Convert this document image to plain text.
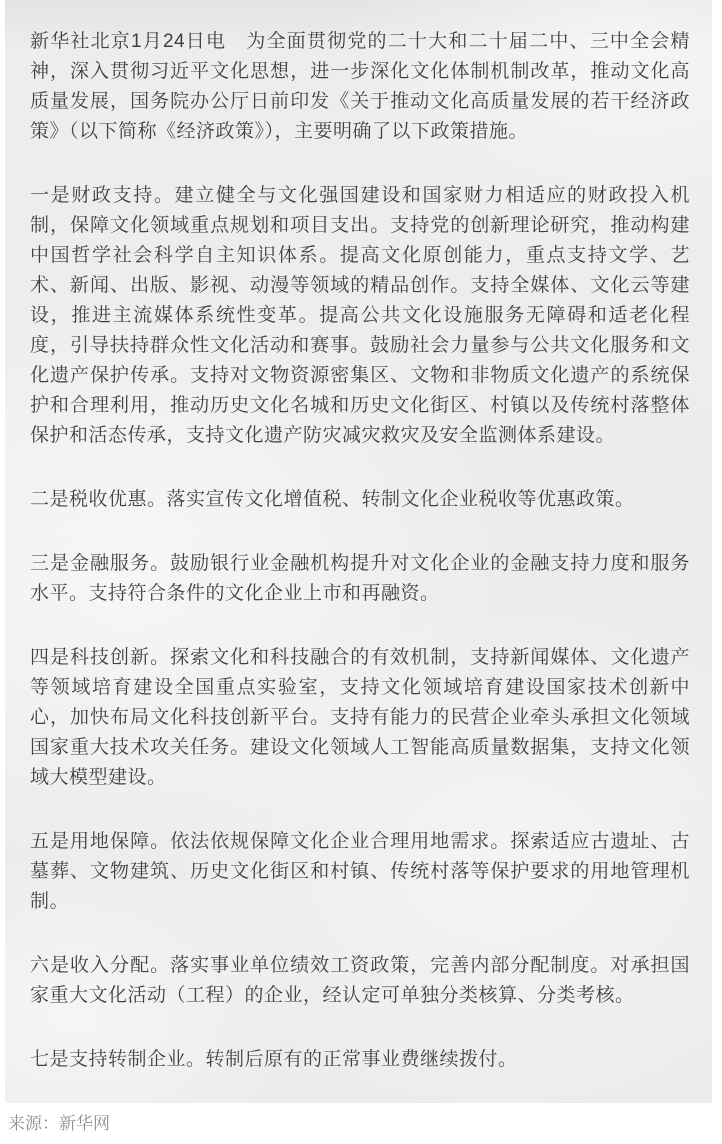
新华社北京1月24日电　为全面贯彻党的二十大和二十届二中、三中全会精神，深入贯彻习近平文化思想，进一步深化文化体制机制改革，推动文化高质量发展，国务院办公厅日前印发《关于推动文化高质量发展的若干经济政策》（以下简称《经济政策》），主要明确了以下政策措施。

一是财政支持。建立健全与文化强国建设和国家财力相适应的财政投入机制，保障文化领域重点规划和项目支出。支持党的创新理论研究，推动构建中国哲学社会科学自主知识体系。提高文化原创能力，重点支持文学、艺术、新闻、出版、影视、动漫等领域的精品创作。支持全媒体、文化云等建设，推进主流媒体系统性变革。提高公共文化设施服务无障碍和适老化程度，引导扶持群众性文化活动和赛事。鼓励社会力量参与公共文化服务和文化遗产保护传承。支持对文物资源密集区、文物和非物质文化遗产的系统保护和合理利用，推动历史文化名城和历史文化街区、村镇以及传统村落整体保护和活态传承，支持文化遗产防灾减灾救灾及安全监测体系建设。

二是税收优惠。落实宣传文化增值税、转制文化企业税收等优惠政策。

三是金融服务。鼓励银行业金融机构提升对文化企业的金融支持力度和服务水平。支持符合条件的文化企业上市和再融资。

四是科技创新。探索文化和科技融合的有效机制，支持新闻媒体、文化遗产等领域培育建设全国重点实验室，支持文化领域培育建设国家技术创新中心，加快布局文化科技创新平台。支持有能力的民营企业牵头承担文化领域国家重大技术攻关任务。建设文化领域人工智能高质量数据集，支持文化领域大模型建设。

五是用地保障。依法依规保障文化企业合理用地需求。探索适应古遗址、古墓葬、文物建筑、历史文化街区和村镇、传统村落等保护要求的用地管理机制。

六是收入分配。落实事业单位绩效工资政策，完善内部分配制度。对承担国家重大文化活动（工程）的企业，经认定可单独分类核算、分类考核。

七是支持转制企业。转制后原有的正常事业费继续拨付。

来源：新华网
